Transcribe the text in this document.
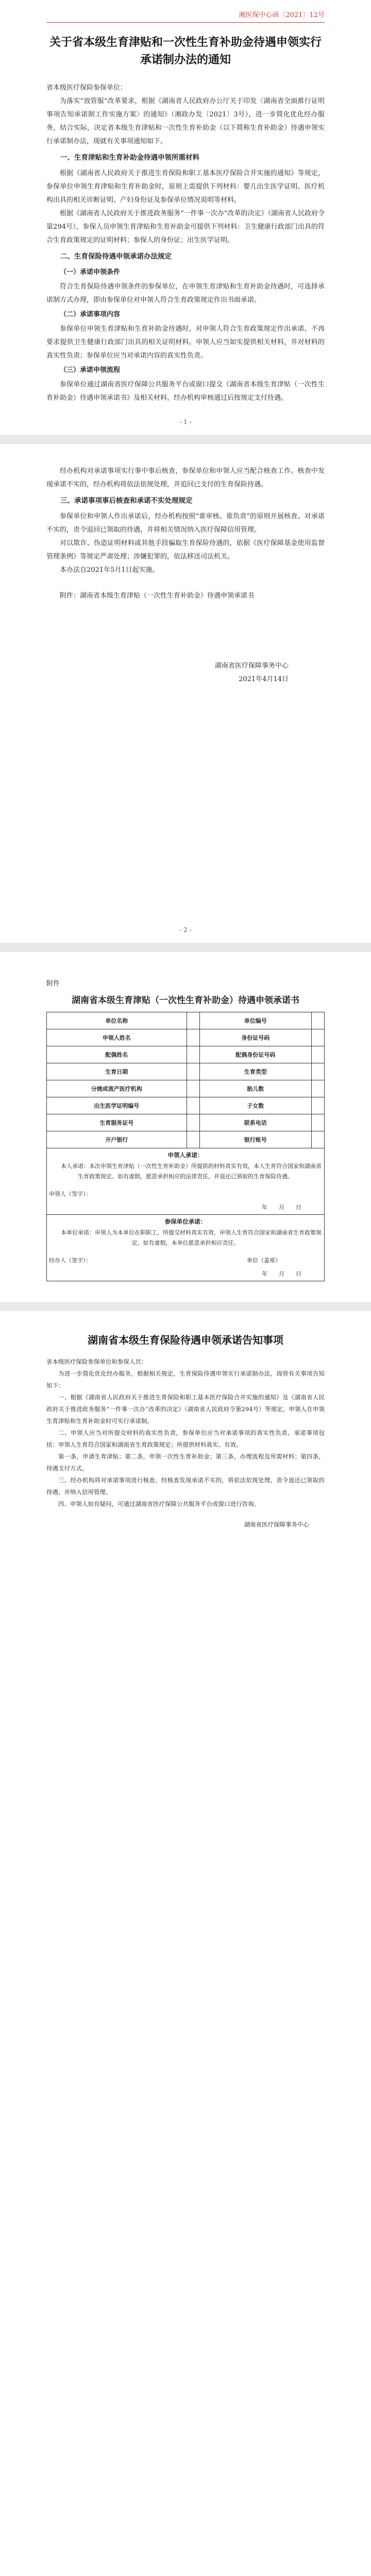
湘医保中心函〔2021〕12号
关于省本级生育津贴和一次性生育补助金待遇申领实行承诺制办法的通知

省本级医疗保险参保单位：

为落实“放管服”改革要求，根据《湖南省人民政府办公厅关于印发〈湖南省全面推行证明事项告知承诺制工作实施方案〉的通知》（湘政办发〔2021〕3号），进一步简化优化经办服务，结合实际，决定省本级生育津贴和一次性生育补助金（以下简称生育补助金）待遇申领实行承诺制办法，现就有关事项通知如下。

一、生育津贴和生育补助金待遇申领所需材料

根据《湖南省人民政府关于推进生育保险和职工基本医疗保险合并实施的通知》等规定，参保单位申领生育津贴和生育补助金时，原则上需提供下列材料：婴儿出生医学证明、医疗机构出具的相关诊断证明、产妇身份证及参保单位情况说明等材料。

根据《湖南省人民政府关于推进政务服务“一件事一次办”改革的决定》（湖南省人民政府令第294号），参保人员申领生育津贴和生育补助金可提供下列材料：卫生健康行政部门出具的符合生育政策规定的证明材料；参保人的身份证；出生医学证明。

二、生育保险待遇申领承诺办法规定

（一）承诺申领条件

符合生育保险待遇申领条件的参保单位，在申领生育津贴和生育补助金待遇时，可选择承诺制方式办理，即由参保单位对申领人符合生育政策规定作出书面承诺。

（二）承诺事项内容

参保单位申领生育津贴和生育补助金待遇时，对申领人符合生育政策规定作出承诺，不再要求提供卫生健康行政部门出具的相关证明材料。申领人应当如实提供相关材料，并对材料的真实性负责；参保单位应当对承诺内容的真实性负责。

（三）承诺申领流程

参保单位通过湖南省医疗保障公共服务平台或窗口提交《湖南省本级生育津贴（一次性生育补助金）待遇申领承诺书》及相关材料，经办机构审核通过后按规定支付待遇。

- 1 -

经办机构对承诺事项实行事中事后核查，参保单位和申领人应当配合核查工作。核查中发现承诺不实的，经办机构将依法依规处理，并追回已支付的生育保险待遇。

三、承诺事项事后核查和承诺不实处理规定

参保单位和申领人作出承诺后，经办机构按照“谁审核、谁负责”的原则开展核查。对承诺不实的，责令退回已领取的待遇，并将相关情况纳入医疗保障信用管理。

对以欺诈、伪造证明材料或其他手段骗取生育保险待遇的，依据《医疗保障基金使用监督管理条例》等规定严肃处理；涉嫌犯罪的，依法移送司法机关。

本办法自2021年5月1日起实施。

附件：湖南省本级生育津贴（一次性生育补助金）待遇申领承诺书

湖南省医疗保障事务中心
2021年4月14日
- 2 -
附件
湖南省本级生育津贴（一次性生育补助金）待遇申领承诺书
单位名称		单位编号	
申领人姓名		身份证号码	
配偶姓名		配偶身份证号码	
生育日期		生育类型	
分娩或流产医疗机构		胎儿数	
出生医学证明编号		子女数	
生育服务证号		联系电话	
开户银行		银行账号	

申领人承诺：

本人承诺：本次申领生育津贴（一次性生育补助金）所提供的材料真实有效，本人生育符合国家和湖南省生育政策规定。如有虚假，愿意承担相应的法律责任，并退还已领取的生育保险待遇。

申领人（签字）：
年　　月　　日			

参保单位承诺：

本单位承诺：申领人为本单位在职职工，所提交材料真实有效，申领人生育符合国家和湖南省生育政策规定。如有虚假，本单位愿意承担相应责任。

经办人（签字）： 单位（盖章）
年　　月　　日			
湖南省本级生育保险待遇申领承诺告知事项

省本级医疗保险参保单位和参保人员：

为进一步简化优化经办服务，根据相关规定，生育保险待遇申领实行承诺制办法，现将有关事项告知如下：

一、根据《湖南省人民政府关于推进生育保险和职工基本医疗保险合并实施的通知》及《湖南省人民政府关于推进政务服务“一件事一次办”改革的决定》（湖南省人民政府令第294号）等规定，申领人在申领生育津贴和生育补助金时可实行承诺制。

二、申领人应当对所提交材料的真实性负责，参保单位应当对承诺事项的真实性负责。承诺事项包括：申领人生育符合国家和湖南省生育政策规定；所提供材料真实、有效。

第一条，申请生育津贴；第二条，申领一次性生育补助金；第三条，办理流程及所需材料；第四条，待遇支付方式。

三、经办机构将对承诺事项进行核查。经核查发现承诺不实的，将依法依规处理，责令退还已领取的待遇，并纳入信用管理。

四、申领人如有疑问，可通过湖南省医疗保障公共服务平台或窗口进行咨询。

湖南省医疗保障事务中心
